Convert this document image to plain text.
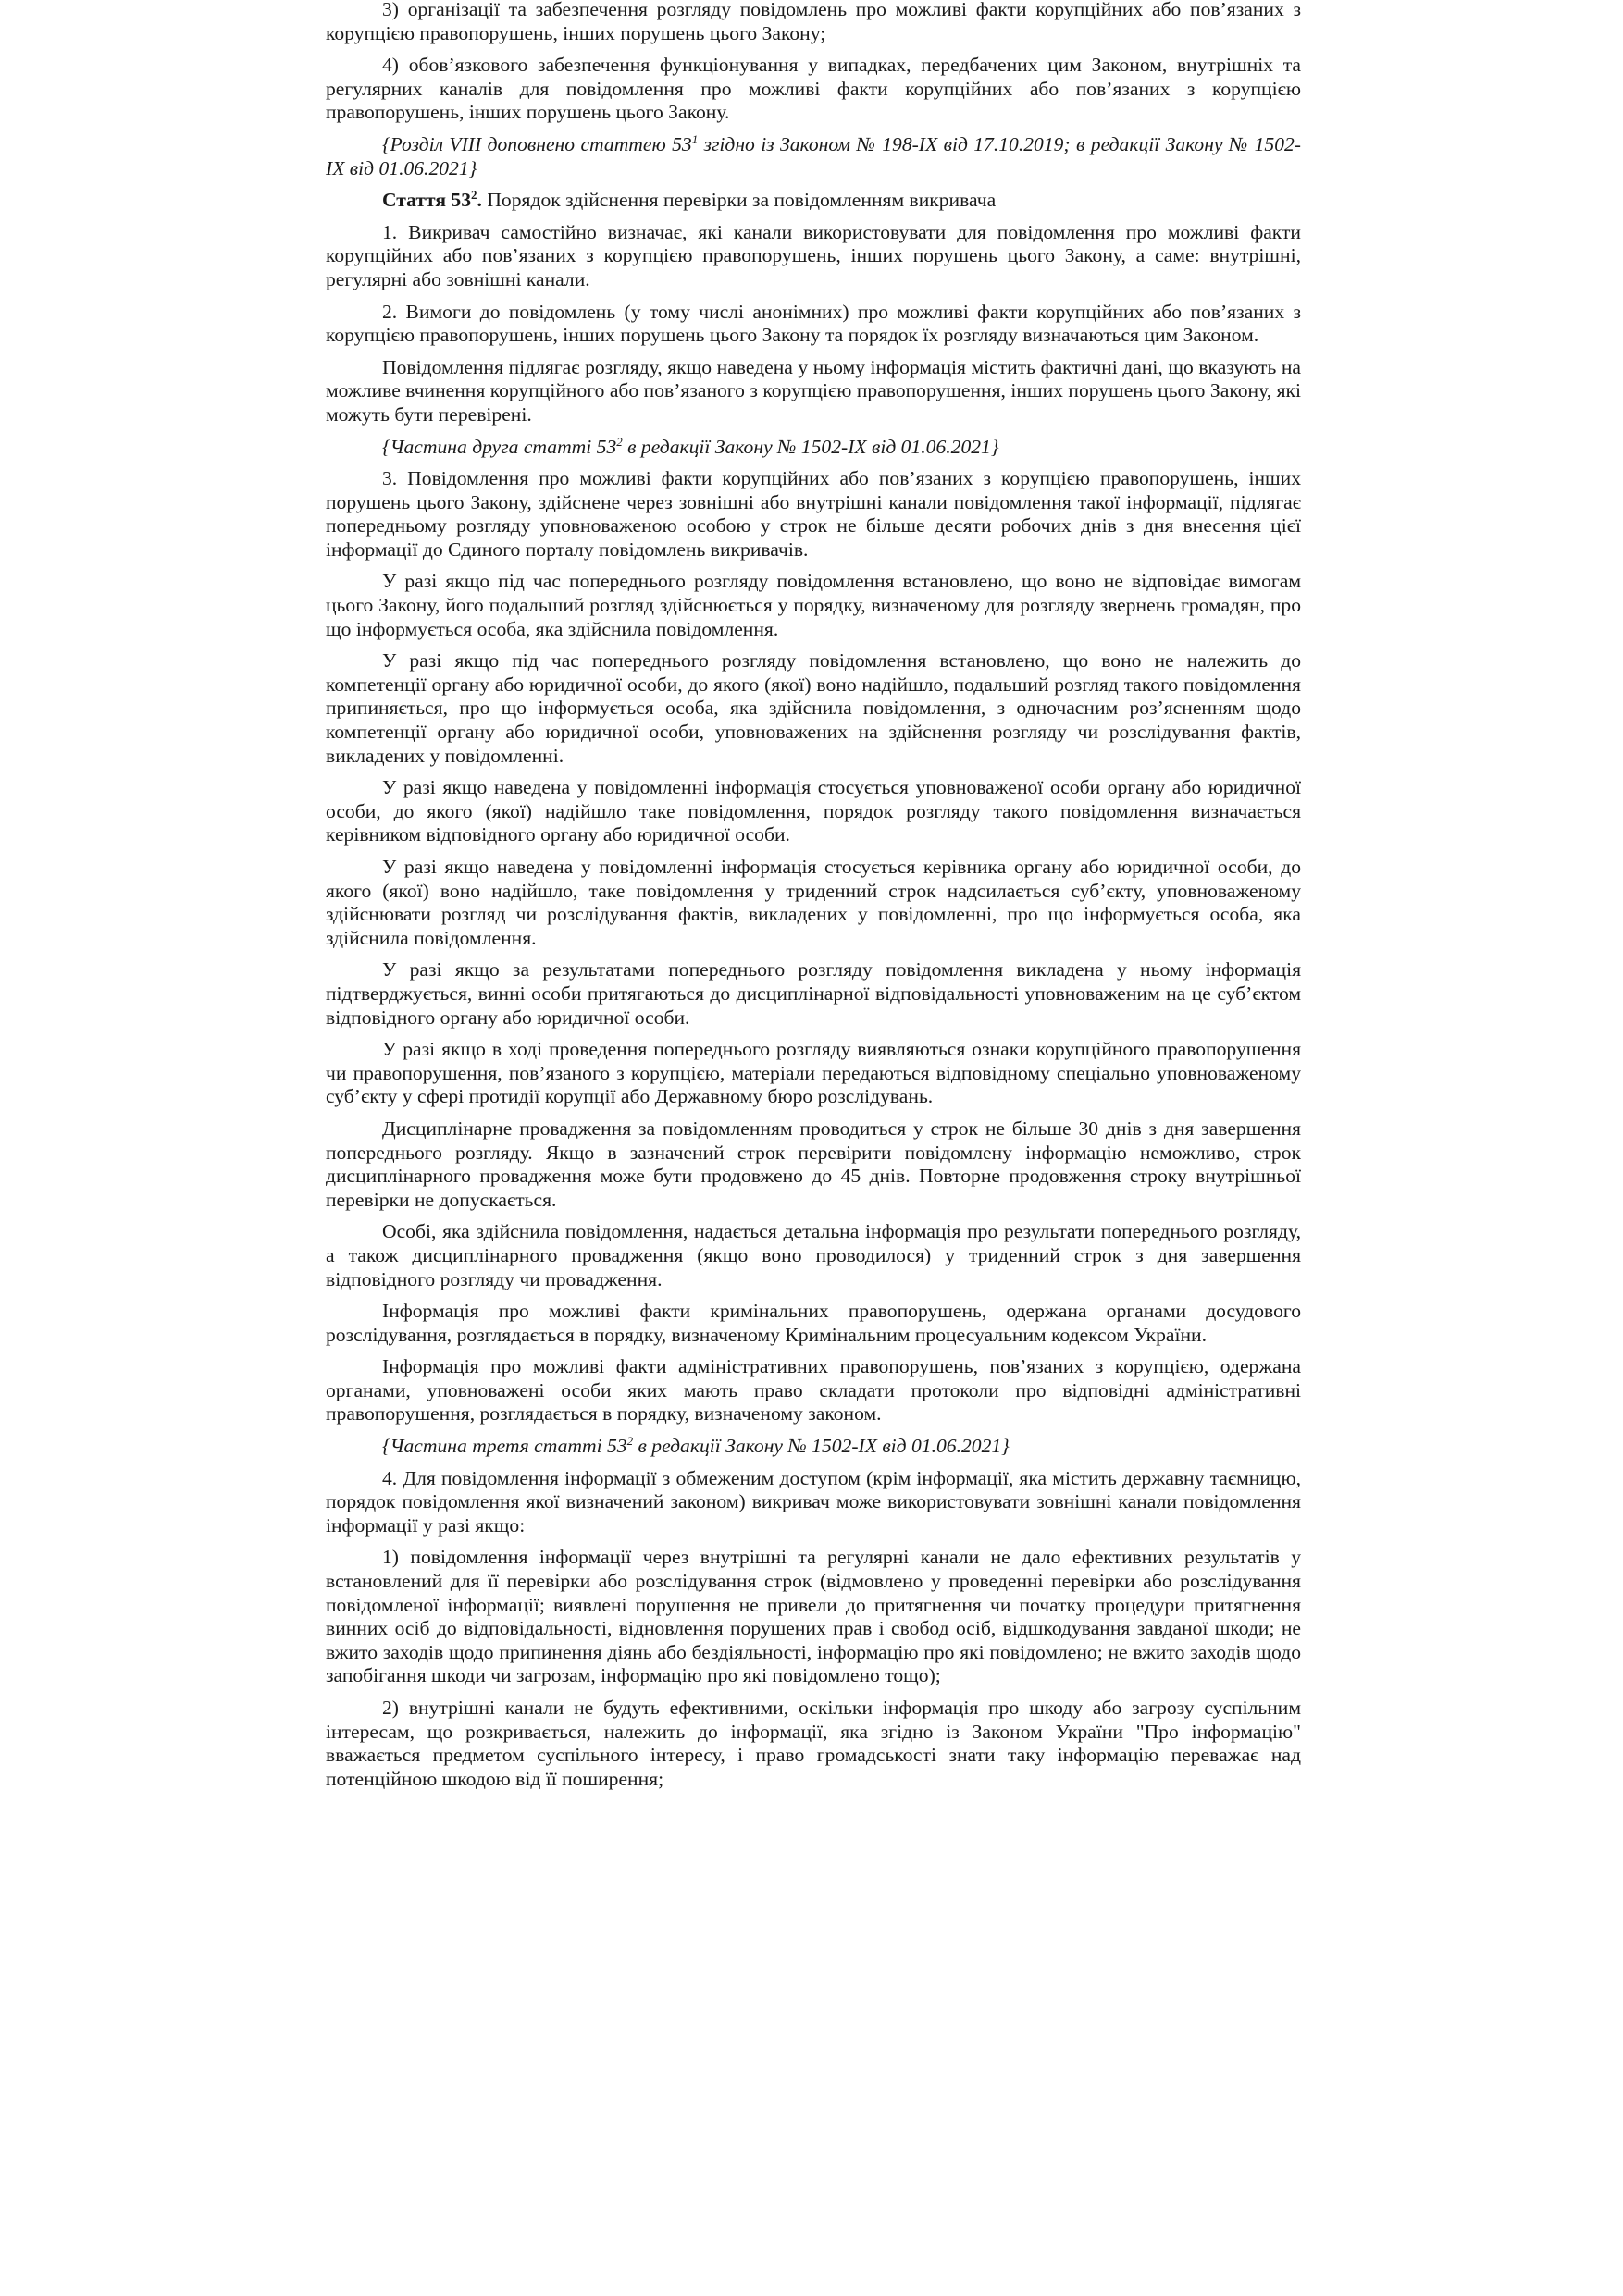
3) організації та забезпечення розгляду повідомлень про можливі факти корупційних або пов’язаних з корупцією правопорушень, інших порушень цього Закону;

4) обов’язкового забезпечення функціонування у випадках, передбачених цим Законом, внутрішніх та регулярних каналів для повідомлення про можливі факти корупційних або пов’язаних з корупцією правопорушень, інших порушень цього Закону.

{Розділ VIII доповнено статтею $53^1$ згідно із Законом № 198-IX від 17.10.2019; в редакції Закону № 1502-IX від 01.06.2021}

Стаття $53^2$. Порядок здійснення перевірки за повідомленням викривача

1. Викривач самостійно визначає, які канали використовувати для повідомлення про можливі факти корупційних або пов’язаних з корупцією правопорушень, інших порушень цього Закону, а саме: внутрішні, регулярні або зовнішні канали.

2. Вимоги до повідомлень (у тому числі анонімних) про можливі факти корупційних або пов’язаних з корупцією правопорушень, інших порушень цього Закону та порядок їх розгляду визначаються цим Законом.

Повідомлення підлягає розгляду, якщо наведена у ньому інформація містить фактичні дані, що вказують на можливе вчинення корупційного або пов’язаного з корупцією правопорушення, інших порушень цього Закону, які можуть бути перевірені.

{Частина друга статті $53^2$ в редакції Закону № 1502-IX від 01.06.2021}

3. Повідомлення про можливі факти корупційних або пов’язаних з корупцією правопорушень, інших порушень цього Закону, здійснене через зовнішні або внутрішні канали повідомлення такої інформації, підлягає попередньому розгляду уповноваженою особою у строк не більше десяти робочих днів з дня внесення цієї інформації до Єдиного порталу повідомлень викривачів.

У разі якщо під час попереднього розгляду повідомлення встановлено, що воно не відповідає вимогам цього Закону, його подальший розгляд здійснюється у порядку, визначеному для розгляду звернень громадян, про що інформується особа, яка здійснила повідомлення.

У разі якщо під час попереднього розгляду повідомлення встановлено, що воно не належить до компетенції органу або юридичної особи, до якого (якої) воно надійшло, подальший розгляд такого повідомлення припиняється, про що інформується особа, яка здійснила повідомлення, з одночасним роз’ясненням щодо компетенції органу або юридичної особи, уповноважених на здійснення розгляду чи розслідування фактів, викладених у повідомленні.

У разі якщо наведена у повідомленні інформація стосується уповноваженої особи органу або юридичної особи, до якого (якої) надійшло таке повідомлення, порядок розгляду такого повідомлення визначається керівником відповідного органу або юридичної особи.

У разі якщо наведена у повідомленні інформація стосується керівника органу або юридичної особи, до якого (якої) воно надійшло, таке повідомлення у триденний строк надсилається суб’єкту, уповноваженому здійснювати розгляд чи розслідування фактів, викладених у повідомленні, про що інформується особа, яка здійснила повідомлення.

У разі якщо за результатами попереднього розгляду повідомлення викладена у ньому інформація підтверджується, винні особи притягаються до дисциплінарної відповідальності уповноваженим на це суб’єктом відповідного органу або юридичної особи.

У разі якщо в ході проведення попереднього розгляду виявляються ознаки корупційного правопорушення чи правопорушення, пов’язаного з корупцією, матеріали передаються відповідному спеціально уповноваженому суб’єкту у сфері протидії корупції або Державному бюро розслідувань.

Дисциплінарне провадження за повідомленням проводиться у строк не більше 30 днів з дня завершення попереднього розгляду. Якщо в зазначений строк перевірити повідомлену інформацію неможливо, строк дисциплінарного провадження може бути продовжено до 45 днів. Повторне продовження строку внутрішньої перевірки не допускається.

Особі, яка здійснила повідомлення, надається детальна інформація про результати попереднього розгляду, а також дисциплінарного провадження (якщо воно проводилося) у триденний строк з дня завершення відповідного розгляду чи провадження.

Інформація про можливі факти кримінальних правопорушень, одержана органами досудового розслідування, розглядається в порядку, визначеному Кримінальним процесуальним кодексом України.

Інформація про можливі факти адміністративних правопорушень, пов’язаних з корупцією, одержана органами, уповноважені особи яких мають право складати протоколи про відповідні адміністративні правопорушення, розглядається в порядку, визначеному законом.

{Частина третя статті $53^2$ в редакції Закону № 1502-IX від 01.06.2021}

4. Для повідомлення інформації з обмеженим доступом (крім інформації, яка містить державну таємницю, порядок повідомлення якої визначений законом) викривач може використовувати зовнішні канали повідомлення інформації у разі якщо:

1) повідомлення інформації через внутрішні та регулярні канали не дало ефективних результатів у встановлений для її перевірки або розслідування строк (відмовлено у проведенні перевірки або розслідування повідомленої інформації; виявлені порушення не привели до притягнення чи початку процедури притягнення винних осіб до відповідальності, відновлення порушених прав і свобод осіб, відшкодування завданої шкоди; не вжито заходів щодо припинення діянь або бездіяльності, інформацію про які повідомлено; не вжито заходів щодо запобігання шкоди чи загрозам, інформацію про які повідомлено тощо);

2) внутрішні канали не будуть ефективними, оскільки інформація про шкоду або загрозу суспільним інтересам, що розкривається, належить до інформації, яка згідно із Законом України "Про інформацію" вважається предметом суспільного інтересу, і право громадськості знати таку інформацію переважає над потенційною шкодою від її поширення;
